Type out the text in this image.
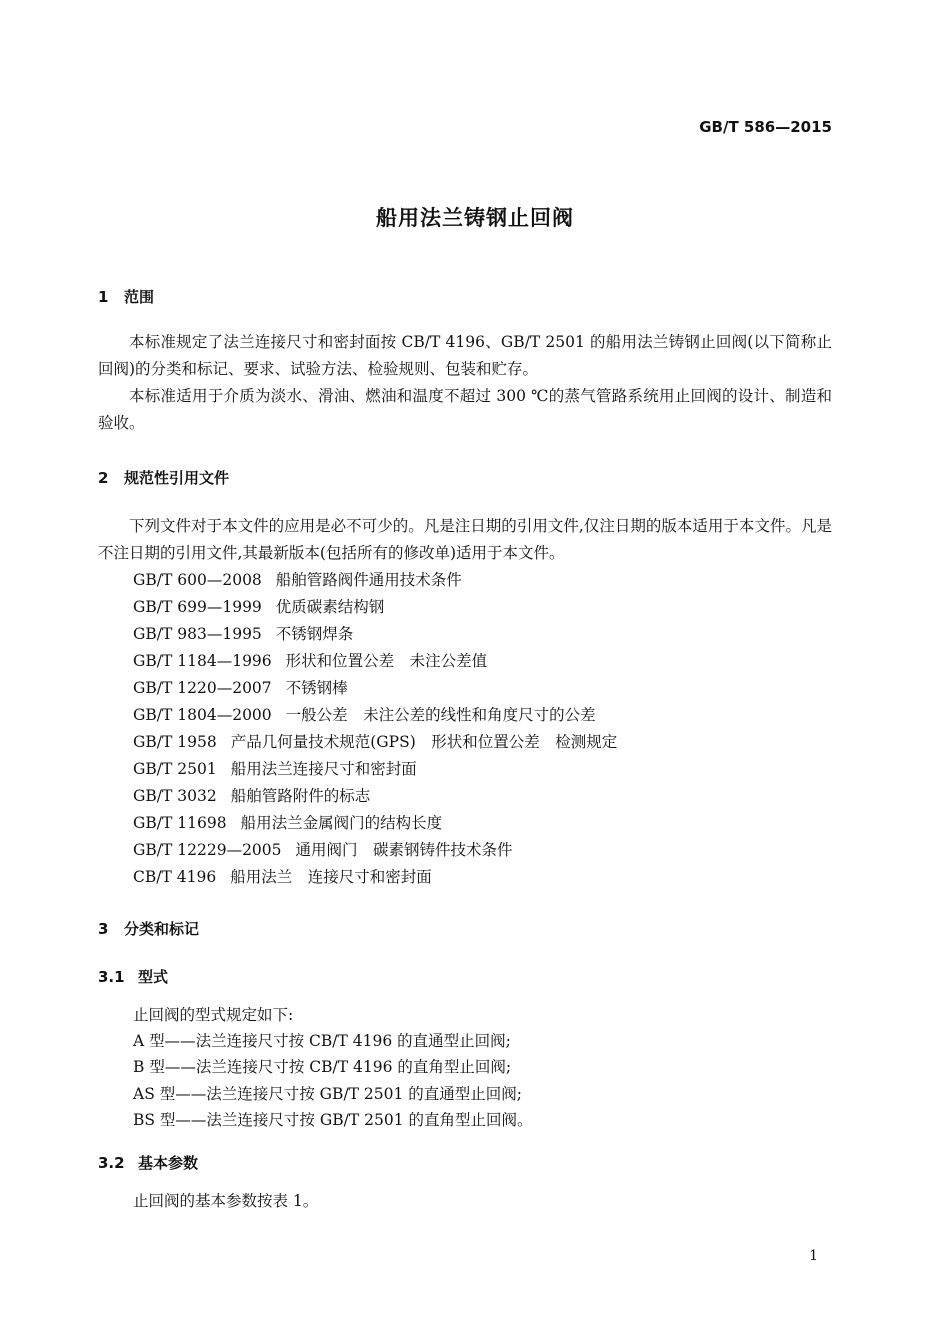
GB/T 586—2015
船用法兰铸钢止回阀
1 范围

本标准规定了法兰连接尺寸和密封面按 CB/T 4196、GB/T 2501 的船用法兰铸钢止回阀(以下简称止回阀)的分类和标记、要求、试验方法、检验规则、包装和贮存。

本标准适用于介质为淡水、滑油、燃油和温度不超过 300 ℃的蒸气管路系统用止回阀的设计、制造和验收。

2 规范性引用文件

下列文件对于本文件的应用是必不可少的。凡是注日期的引用文件,仅注日期的版本适用于本文件。凡是不注日期的引用文件,其最新版本(包括所有的修改单)适用于本文件。

GB/T 600—2008 船舶管路阀件通用技术条件
GB/T 699—1999 优质碳素结构钢
GB/T 983—1995 不锈钢焊条
GB/T 1184—1996 形状和位置公差　未注公差值
GB/T 1220—2007 不锈钢棒
GB/T 1804—2000 一般公差　未注公差的线性和角度尺寸的公差
GB/T 1958 产品几何量技术规范(GPS)　形状和位置公差　检测规定
GB/T 2501 船用法兰连接尺寸和密封面
GB/T 3032 船舶管路附件的标志
GB/T 11698 船用法兰金属阀门的结构长度
GB/T 12229—2005 通用阀门　碳素钢铸件技术条件
CB/T 4196 船用法兰　连接尺寸和密封面
3 分类和标记
3.1 型式
止回阀的型式规定如下:
A 型——法兰连接尺寸按 CB/T 4196 的直通型止回阀;
B 型——法兰连接尺寸按 CB/T 4196 的直角型止回阀;
AS 型——法兰连接尺寸按 GB/T 2501 的直通型止回阀;
BS 型——法兰连接尺寸按 GB/T 2501 的直角型止回阀。
3.2 基本参数
止回阀的基本参数按表 1。
1
